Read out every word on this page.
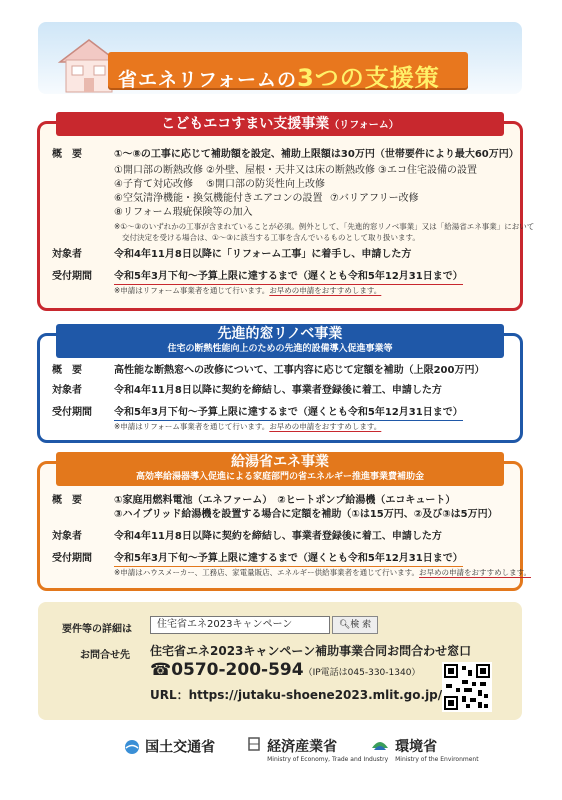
省エネリフォームの3つの支援策
こどもエコすまい支援事業（リフォーム）
概　要	①〜⑧の工事に応じて補助額を設定、補助上限額は30万円（世帯要件により最大60万円）
①開口部の断熱改修 ②外壁、屋根・天井又は床の断熱改修 ③エコ住宅設備の設置
④子育て対応改修 ⑤開口部の防災性向上改修
⑥空気清浄機能・換気機能付きエアコンの設置 ⑦バリアフリー改修
⑧リフォーム瑕疵保険等の加入
※①〜③のいずれかの工事が含まれていることが必須。例外として、「先進的窓リノベ事業」又は「給湯省エネ事業」において
交付決定を受ける場合は、①〜③に該当する工事を含んでいるものとして取り扱います。
対象者	令和4年11月8日以降に「リフォーム工事」に着手し、申請した方
受付期間	令和5年3月下旬〜予算上限に達するまで（遅くとも令和5年12月31日まで）
※申請はリフォーム事業者を通じて行います。お早めの申請をおすすめします。
先進的窓リノベ事業
住宅の断熱性能向上のための先進的設備導入促進事業等
概　要	高性能な断熱窓への改修について、工事内容に応じて定額を補助（上限200万円）
対象者	令和4年11月8日以降に契約を締結し、事業者登録後に着工、申請した方
受付期間	令和5年3月下旬〜予算上限に達するまで（遅くとも令和5年12月31日まで）
※申請はリフォーム事業者を通じて行います。お早めの申請をおすすめします。
給湯省エネ事業
高効率給湯器導入促進による家庭部門の省エネルギー推進事業費補助金
概　要	①家庭用燃料電池（エネファーム）　②ヒートポンプ給湯機（エコキュート）
③ハイブリッド給湯機を設置する場合に定額を補助（①は15万円、②及び③は5万円）
対象者	令和4年11月8日以降に契約を締結し、事業者登録後に着工、申請した方
受付期間	令和5年3月下旬〜予算上限に達するまで（遅くとも令和5年12月31日まで）
※申請はハウスメーカー、工務店、家電量販店、エネルギー供給事業者を通じて行います。お早めの申請をおすすめします。
要件等の詳細は	住宅省エネ2023キャンペーン	🔍︎検 索
お問合せ先 住宅省エネ2023キャンペーン補助事業合同お問合わせ窓口
☎0570-200-594（IP電話は045-330-1340）
URL：https://jutaku-shoene2023.mlit.go.jp/
国土交通省	経済産業省
Ministry of Economy, Trade and Industry
環境省
Ministry of the Environment
